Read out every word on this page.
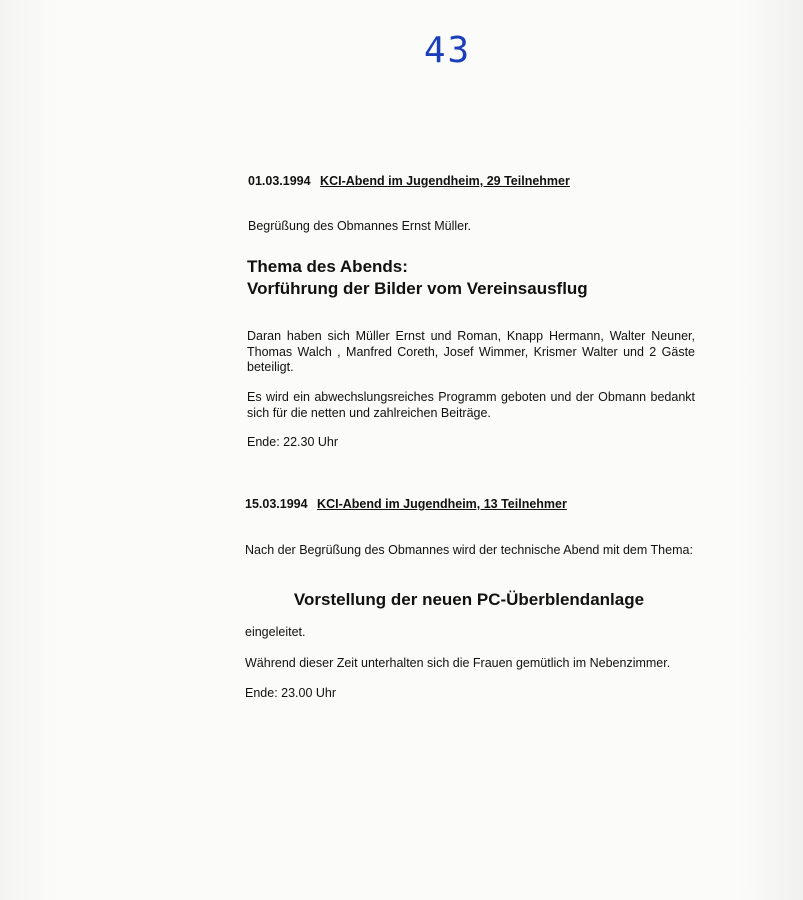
43
01.03.1994 KCI-Abend im Jugendheim, 29 Teilnehmer
Begrüßung des Obmannes Ernst Müller.
Thema des Abends:
Vorführung der Bilder vom Vereinsausflug
Daran haben sich Müller Ernst und Roman, Knapp Hermann, Walter Neuner, Thomas Walch , Manfred Coreth, Josef Wimmer, Krismer Walter und 2 Gäste beteiligt.
Es wird ein abwechslungsreiches Programm geboten und der Obmann bedankt sich für die netten und zahlreichen Beiträge.
Ende: 22.30 Uhr
15.03.1994 KCI-Abend im Jugendheim, 13 Teilnehmer
Nach der Begrüßung des Obmannes wird der technische Abend mit dem Thema:
Vorstellung der neuen PC-Überblendanlage
eingeleitet.
Während dieser Zeit unterhalten sich die Frauen gemütlich im Nebenzimmer.
Ende: 23.00 Uhr
